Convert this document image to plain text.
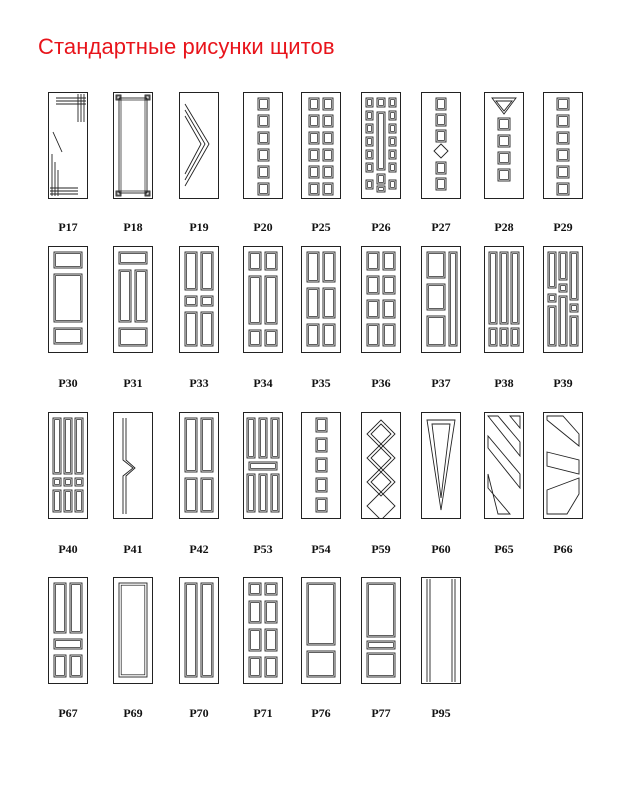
Стандартные рисунки щитов
P17	P18	P19	P20	P25	P26	P27	P28	P29
P30	P31	P33	P34	P35	P36	P37	P38	P39
P40	P41	P42	P53	P54	P59	P60	P65	P66
P67	P69	P70	P71	P76	P77	P95
